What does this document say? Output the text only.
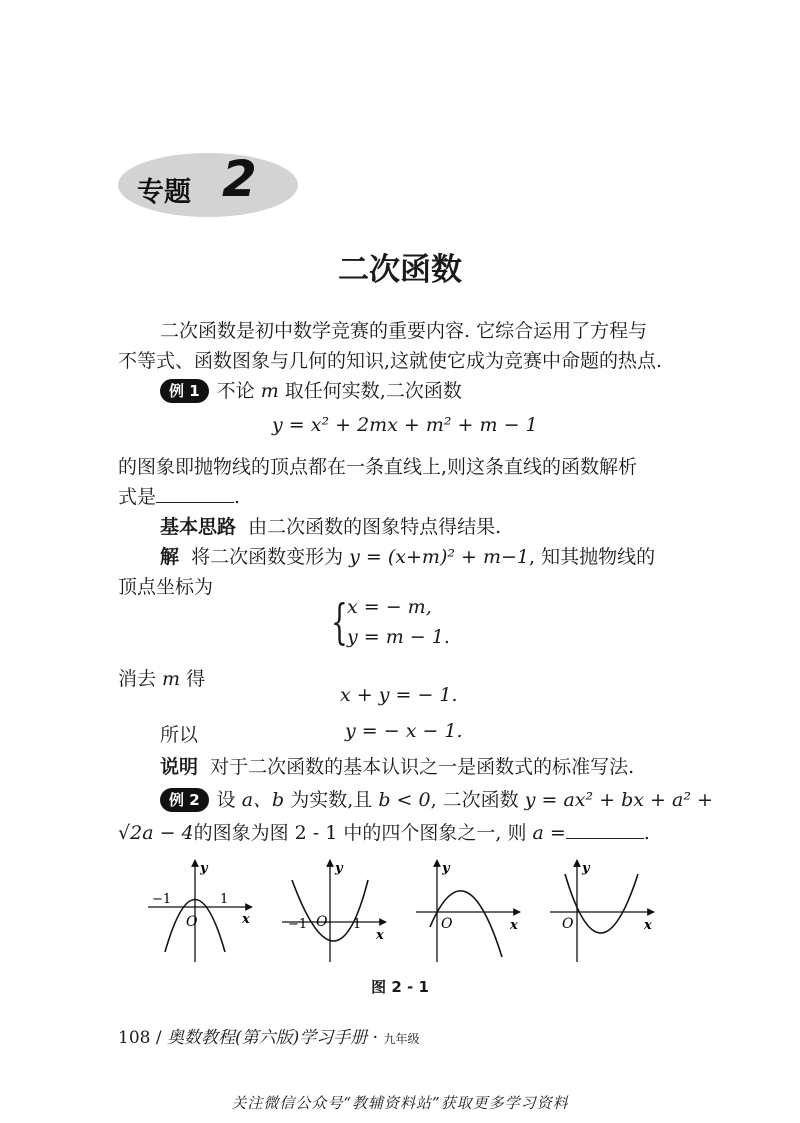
专题 2
二次函数
二次函数是初中数学竞赛的重要内容. 它综合运用了方程与
不等式、函数图象与几何的知识,这就使它成为竞赛中命题的热点.
例 1 不论 m 取任何实数,二次函数
y = x² + 2mx + m² + m − 1
的图象即抛物线的顶点都在一条直线上,则这条直线的函数解析
式是	.
基本思路 由二次函数的图象特点得结果.
解 将二次函数变形为 y = (x+m)² + m−1, 知其抛物线的
顶点坐标为
{ x = − m,
y = m − 1.
消去 m 得
x + y = − 1.
所以	y = − x − 1.
说明 对于二次函数的基本认识之一是函数式的标准写法.
例 2 设 a、b 为实数,且 b < 0, 二次函数 y = ax² + bx + a² +
√2a − 4的图象为图 2 - 1 中的四个图象之一, 则 a =	.
y
x
O
−1	1
y
x
O
−1	1
y
x
O
y
x
O
图 2 - 1
108 / 奥数教程(第六版)学习手册 · 九年级
关注微信公众号“教辅资料站”获取更多学习资料
